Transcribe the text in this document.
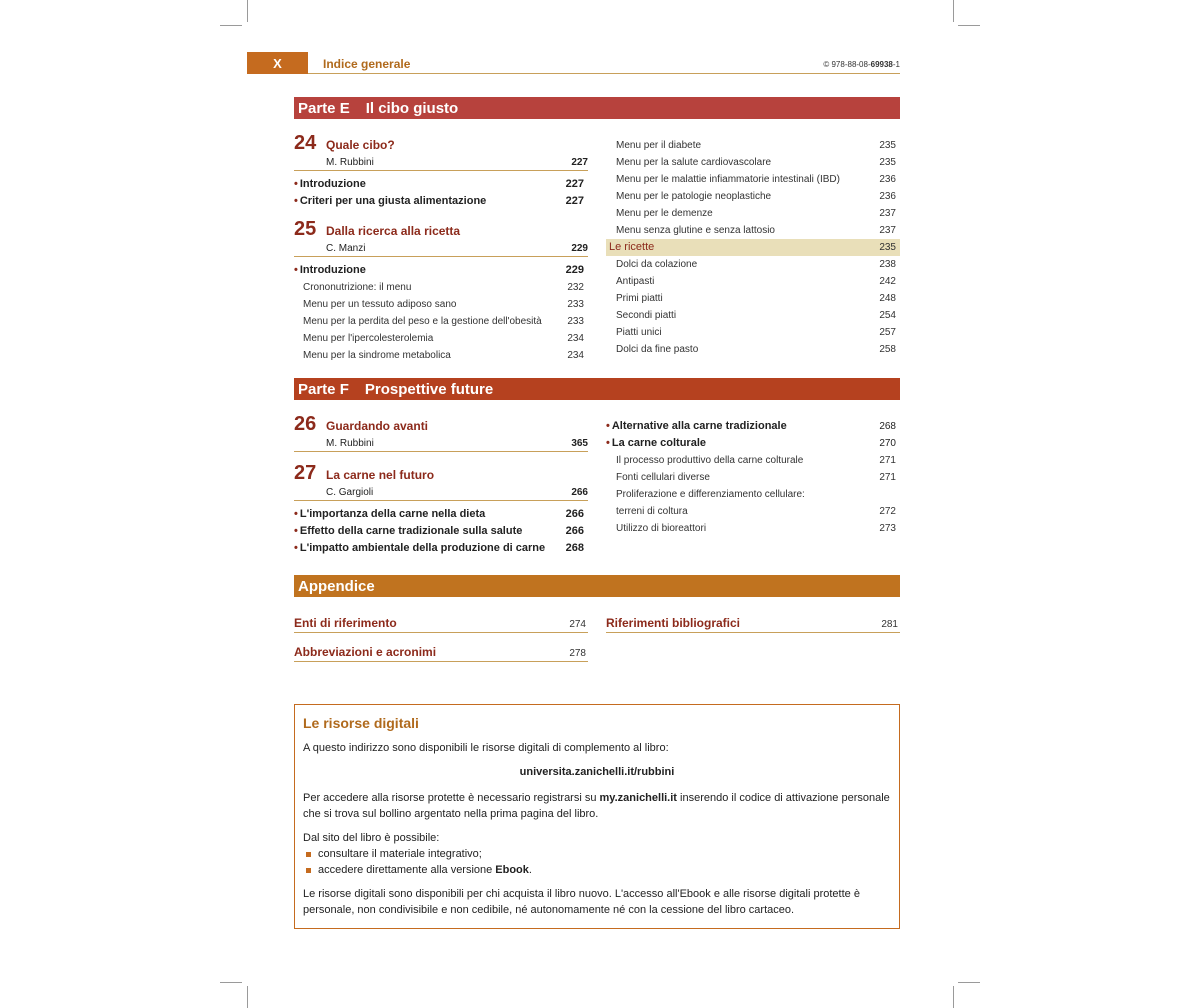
X	Indice generale	© 978-88-08-69938-1
Parte E Il cibo giusto
24 Quale cibo?
M. Rubbini	227
• Introduzione	227
• Criteri per una giusta alimentazione	227
25 Dalla ricerca alla ricetta
C. Manzi	229
• Introduzione	229
Crononutrizione: il menu	232
Menu per un tessuto adiposo sano	233
Menu per la perdita del peso e la gestione dell'obesità	233
Menu per l'ipercolesterolemia	234
Menu per la sindrome metabolica	234
Menu per il diabete	235
Menu per la salute cardiovascolare	235
Menu per le malattie infiammatorie intestinali (IBD)	236
Menu per le patologie neoplastiche	236
Menu per le demenze	237
Menu senza glutine e senza lattosio	237
Le ricette	235
Dolci da colazione	238
Antipasti	242
Primi piatti	248
Secondi piatti	254
Piatti unici	257
Dolci da fine pasto	258
Parte F Prospettive future
26 Guardando avanti
M. Rubbini	365
27 La carne nel futuro
C. Gargioli	266
• L'importanza della carne nella dieta	266
• Effetto della carne tradizionale sulla salute	266
• L'impatto ambientale della produzione di carne 268
• Alternative alla carne tradizionale	268
• La carne colturale	270
Il processo produttivo della carne colturale	271
Fonti cellulari diverse	271
Proliferazione e differenziamento cellulare:
terreni di coltura	272
Utilizzo di bioreattori	273
Appendice
Enti di riferimento	274
Abbreviazioni e acronimi	278
Riferimenti bibliografici	281
Le risorse digitali

A questo indirizzo sono disponibili le risorse digitali di complemento al libro:

universita.zanichelli.it/rubbini

Per accedere alla risorse protette è necessario registrarsi su my.zanichelli.it inserendo il codice di attivazione personale che si trova sul bollino argentato nella prima pagina del libro.

Dal sito del libro è possibile:

consultare il materiale integrativo;
accedere direttamente alla versione Ebook .

Le risorse digitali sono disponibili per chi acquista il libro nuovo. L'accesso all'Ebook e alle risorse digitali protette è personale, non condivisibile e non cedibile, né autonomamente né con la cessione del libro cartaceo.
